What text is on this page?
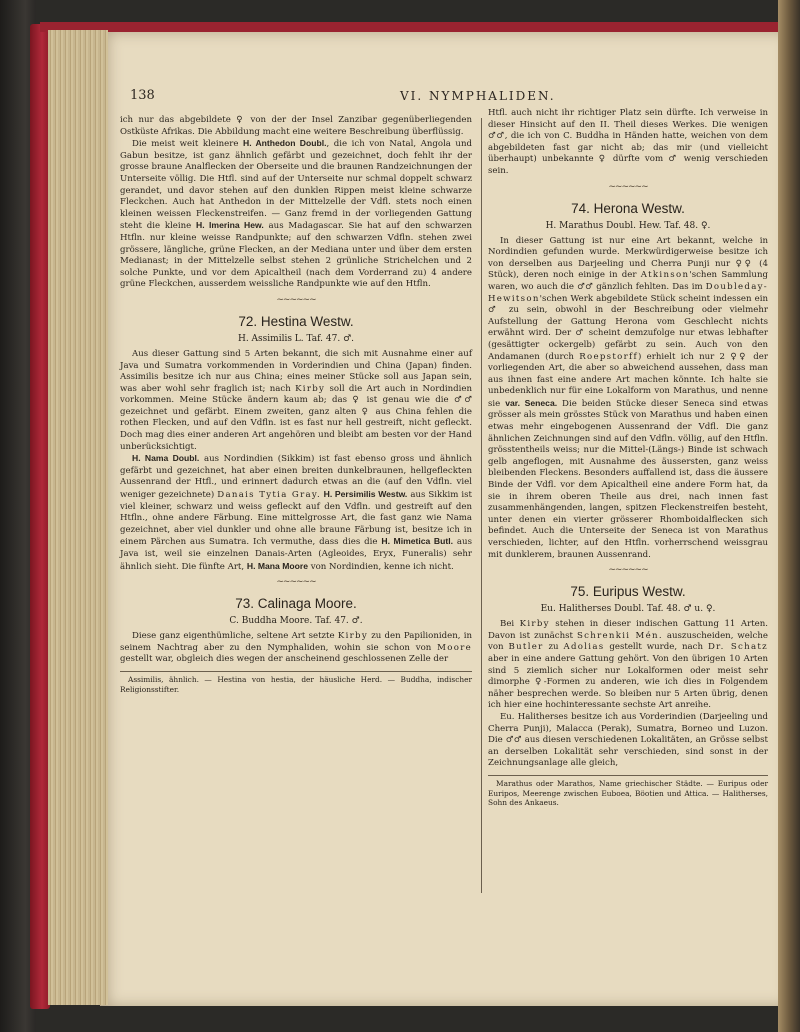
138	VI. NYMPHALIDEN.

ich nur das abgebildete ♀ von der der Insel Zanzibar gegenüberliegenden Ostküste Afrikas. Die Abbildung macht eine weitere Beschreibung überflüssig.

Die meist weit kleinere H. Anthedon Doubl., die ich von Natal, Angola und Gabun besitze, ist ganz ähnlich gefärbt und gezeichnet, doch fehlt ihr der grosse braune Analflecken der Oberseite und die braunen Randzeichnungen der Unterseite völlig. Die Htfl. sind auf der Unterseite nur schmal doppelt schwarz gerandet, und davor stehen auf den dunklen Rippen meist kleine schwarze Fleckchen. Auch hat Anthedon in der Mittelzelle der Vdfl. stets noch einen kleinen weissen Fleckenstreifen. — Ganz fremd in der vorliegenden Gattung steht die kleine H. Imerina Hew. aus Madagascar. Sie hat auf den schwarzen Htfln. nur kleine weisse Randpunkte; auf den schwarzen Vdfln. stehen zwei grössere, längliche, grüne Flecken, an der Mediana unter und über dem ersten Medianast; in der Mittelzelle selbst stehen 2 grünliche Strichelchen und 2 solche Punkte, und vor dem Apicaltheil (nach dem Vorderrand zu) 4 andere grüne Fleckchen, ausserdem weissliche Randpunkte wie auf den Htfln.

~~~~~~
72. Hestina Westw.
H. Assimilis L. Taf. 47. ♂.

Aus dieser Gattung sind 5 Arten bekannt, die sich mit Ausnahme einer auf Java und Sumatra vorkommenden in Vorderindien und China (Japan) finden. Assimilis besitze ich nur aus China; eines meiner Stücke soll aus Japan sein, was aber wohl sehr fraglich ist; nach Kirby soll die Art auch in Nordindien vorkommen. Meine Stücke ändern kaum ab; das ♀ ist genau wie die ♂♂ gezeichnet und gefärbt. Einem zweiten, ganz alten ♀ aus China fehlen die rothen Flecken, und auf den Vdfln. ist es fast nur hell gestreift, nicht gefleckt. Doch mag dies einer anderen Art angehören und bleibt am besten vor der Hand unberücksichtigt.

H. Nama Doubl. aus Nordindien (Sikkim) ist fast ebenso gross und ähnlich gefärbt und gezeichnet, hat aber einen breiten dunkelbraunen, hellgefleckten Aussenrand der Htfl., und erinnert dadurch etwas an die (auf den Vdfln. viel weniger gezeichnete) Danais Tytia Gray. H. Persimilis Westw. aus Sikkim ist viel kleiner, schwarz und weiss gefleckt auf den Vdfln. und gestreift auf den Htfln., ohne andere Färbung. Eine mittelgrosse Art, die fast ganz wie Nama gezeichnet, aber viel dunkler und ohne alle braune Färbung ist, besitze ich in einem Pärchen aus Sumatra. Ich vermuthe, dass dies die H. Mimetica Butl. aus Java ist, weil sie einzelnen Danais-Arten (Agleoides, Eryx, Funeralis) sehr ähnlich sieht. Die fünfte Art, H. Mana Moore von Nordindien, kenne ich nicht.

~~~~~~
73. Calinaga Moore.
C. Buddha Moore. Taf. 47. ♂.

Diese ganz eigenthümliche, seltene Art setzte Kirby zu den Papilioniden, in seinem Nachtrag aber zu den Nymphaliden, wohin sie schon von Moore gestellt war, obgleich dies wegen der anscheinend geschlossenen Zelle der

Assimilis, ähnlich. — Hestina von hestia, der häusliche Herd. — Buddha, indischer Religionsstifter.

Htfl. auch nicht ihr richtiger Platz sein dürfte. Ich verweise in dieser Hinsicht auf den II. Theil dieses Werkes. Die wenigen ♂♂, die ich von C. Buddha in Händen hatte, weichen von dem abgebildeten fast gar nicht ab; das mir (und vielleicht überhaupt) unbekannte ♀ dürfte vom ♂ wenig verschieden sein.

~~~~~~
74. Herona Westw.
H. Marathus Doubl. Hew. Taf. 48. ♀.

In dieser Gattung ist nur eine Art bekannt, welche in Nordindien gefunden wurde. Merkwürdigerweise besitze ich von derselben aus Darjeeling und Cherra Punji nur ♀♀ (4 Stück), deren noch einige in der Atkinson'schen Sammlung waren, wo auch die ♂♂ gänzlich fehlten. Das im Doubleday-Hewitson'schen Werk abgebildete Stück scheint indessen ein ♂ zu sein, obwohl in der Beschreibung oder vielmehr Aufstellung der Gattung Herona vom Geschlecht nichts erwähnt wird. Der ♂ scheint demzufolge nur etwas lebhafter (gesättigter ockergelb) gefärbt zu sein. Auch von den Andamanen (durch Roepstorff) erhielt ich nur 2 ♀♀ der vorliegenden Art, die aber so abweichend aussehen, dass man aus ihnen fast eine andere Art machen könnte. Ich halte sie unbedenklich nur für eine Lokalform von Marathus, und nenne sie var. Seneca. Die beiden Stücke dieser Seneca sind etwas grösser als mein grösstes Stück von Marathus und haben einen etwas mehr eingebogenen Aussenrand der Vdfl. Die ganz ähnlichen Zeichnungen sind auf den Vdfln. völlig, auf den Htfln. grösstentheils weiss; nur die Mittel-(Längs-) Binde ist schwach gelb angeflogen, mit Ausnahme des äussersten, ganz weiss bleibenden Fleckens. Besonders auffallend ist, dass die äussere Binde der Vdfl. vor dem Apicaltheil eine andere Form hat, da sie in ihrem oberen Theile aus drei, nach innen fast zusammenhängenden, langen, spitzen Fleckenstreifen besteht, unter denen ein vierter grösserer Rhomboidalflecken sich befindet. Auch die Unterseite der Seneca ist von Marathus verschieden, lichter, auf den Htfln. vorherrschend weissgrau mit dunklerem, braunen Aussenrand.

~~~~~~
75. Euripus Westw.
Eu. Halitherses Doubl. Taf. 48. ♂ u. ♀.

Bei Kirby stehen in dieser indischen Gattung 11 Arten. Davon ist zunächst Schrenkii Mén. auszuscheiden, welche von Butler zu Adolias gestellt wurde, nach Dr. Schatz aber in eine andere Gattung gehört. Von den übrigen 10 Arten sind 5 ziemlich sicher nur Lokalformen oder meist sehr dimorphe ♀-Formen zu anderen, wie ich dies in Folgendem näher besprechen werde. So bleiben nur 5 Arten übrig, denen ich hier eine hochinteressante sechste Art anreihe.

Eu. Halitherses besitze ich aus Vorderindien (Darjeeling und Cherra Punji), Malacca (Perak), Sumatra, Borneo und Luzon. Die ♂♂ aus diesen verschiedenen Lokalitäten, an Grösse selbst an derselben Lokalität sehr verschieden, sind sonst in der Zeichnungsanlage alle gleich,

Marathus oder Marathos, Name griechischer Städte. — Euripus oder Euripos, Meerenge zwischen Euboea, Böotien und Attica. — Halitherses, Sohn des Ankaeus.
